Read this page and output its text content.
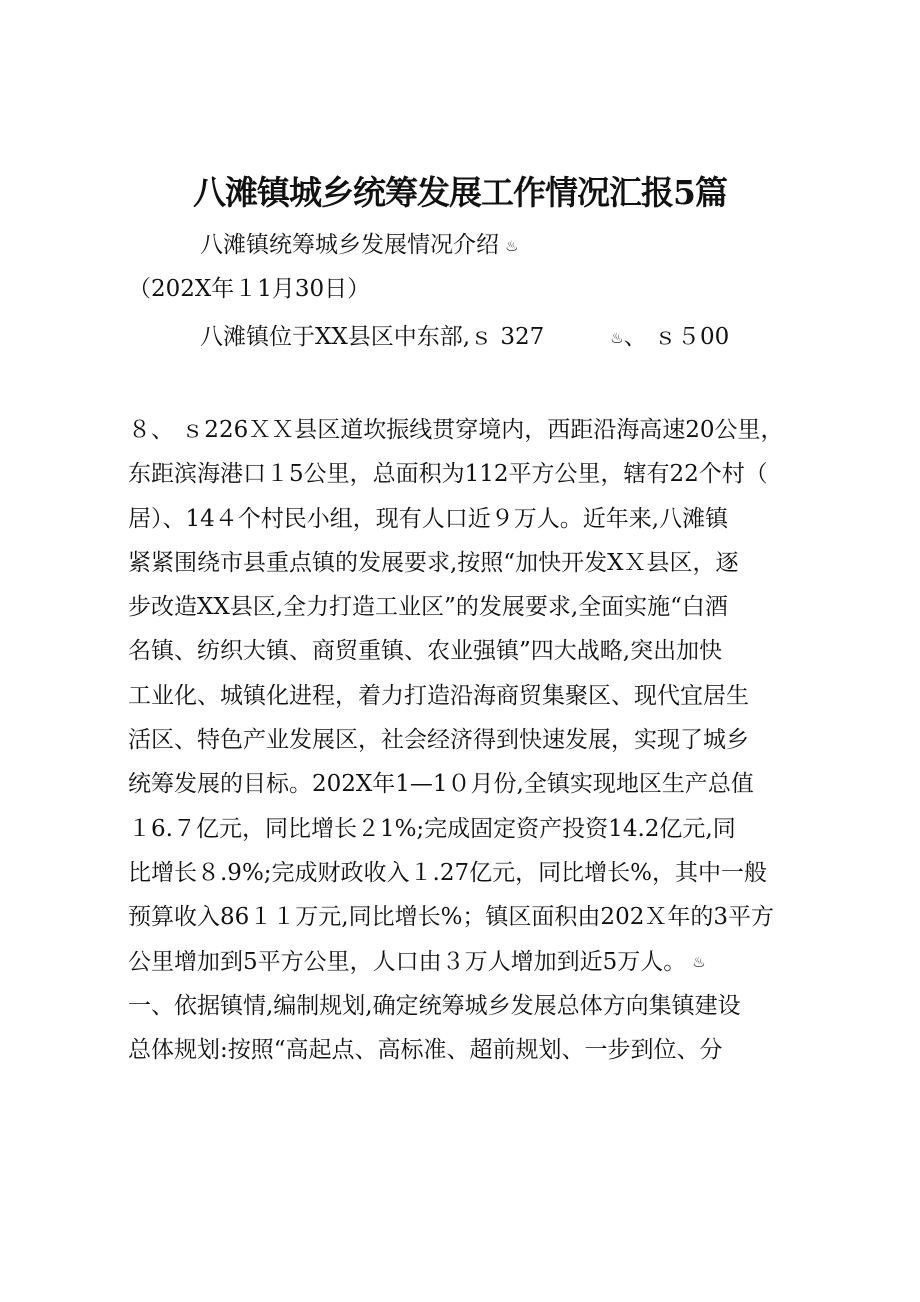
八滩镇城乡统筹发展工作情况汇报5篇
八滩镇统筹城乡发展情况介绍 ♨
（202X年１1月30日）
八滩镇位于XX县区中东部,ｓ 327	♨、 ｓ５00
８、 ｓ226ＸＸ县区道坎振线贯穿境内，西距沿海高速20公里，
东距滨海港口１5公里，总面积为112平方公里，辖有22个村（
居）、14４个村民小组，现有人口近９万人。近年来,八滩镇
紧紧围绕市县重点镇的发展要求,按照“加快开发XＸ县区，逐
步改造XX县区,全力打造工业区”的发展要求,全面实施“白酒
名镇、纺织大镇、商贸重镇、农业强镇”四大战略,突出加快
工业化、城镇化进程，着力打造沿海商贸集聚区、现代宜居生
活区、特色产业发展区，社会经济得到快速发展，实现了城乡
统筹发展的目标。202X年1—1０月份,全镇实现地区生产总值
１6.７亿元，同比增长２1%;完成固定资产投资14.2亿元,同
比增长８.9%;完成财政收入１.27亿元，同比增长%，其中一般
预算收入86１１万元,同比增长%；镇区面积由202Ｘ年的3平方
公里增加到5平方公里，人口由３万人增加到近5万人。 ♨
一、依据镇情,编制规划,确定统筹城乡发展总体方向集镇建设
总体规划:按照“高起点、高标准、超前规划、一步到位、分
